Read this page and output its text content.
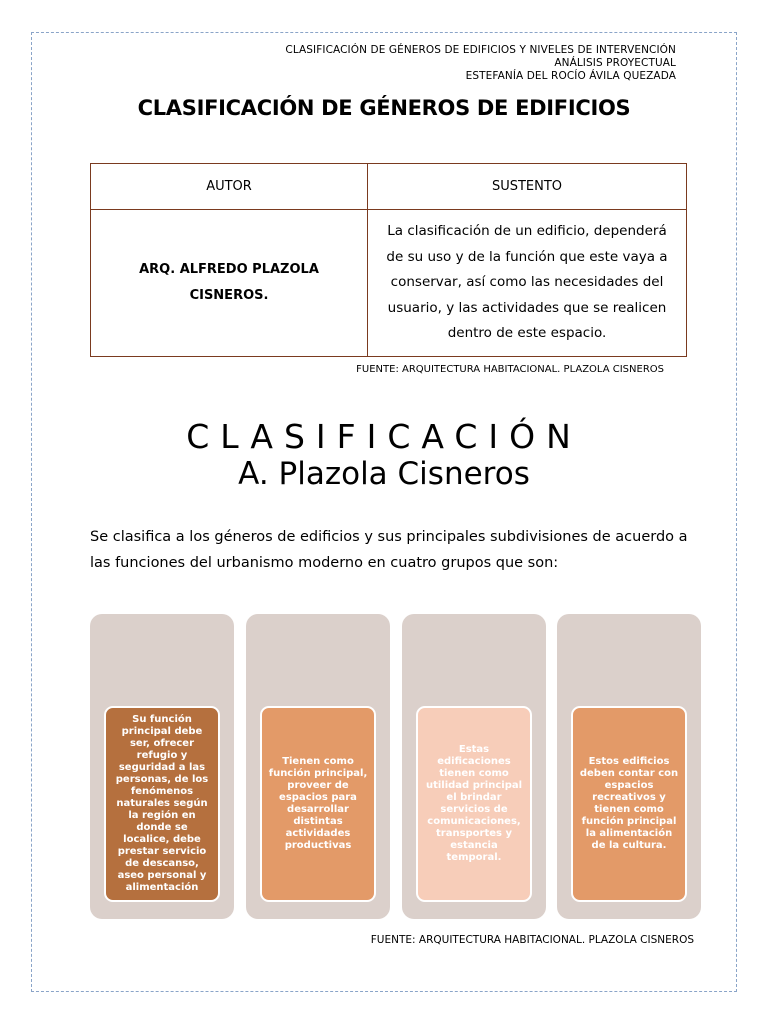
CLASIFICACIÓN DE GÉNEROS DE EDIFICIOS Y NIVELES DE INTERVENCIÓN
ANÁLISIS PROYECTUAL
ESTEFANÍA DEL ROCÍO ÁVILA QUEZADA
CLASIFICACIÓN DE GÉNEROS DE EDIFICIOS
AUTOR	SUSTENTO
ARQ. ALFREDO PLAZOLA CISNEROS.	La clasificación de un edificio, dependerá de su uso y de la función que este vaya a conservar, así como las necesidades del usuario, y las actividades que se realicen dentro de este espacio.
FUENTE: ARQUITECTURA HABITACIONAL. PLAZOLA CISNEROS
CLASIFICACIÓN
A. Plazola Cisneros
Se clasifica a los géneros de edificios y sus principales subdivisiones de acuerdo a las funciones del urbanismo moderno en cuatro grupos que son:
Su función principal debe ser, ofrecer refugio y seguridad a las personas, de los fenómenos naturales según la región en donde se localice, debe prestar servicio de descanso, aseo personal y alimentación
Tienen como función principal, proveer de espacios para desarrollar distintas actividades productivas
Estas edificaciones tienen como utilidad principal el brindar servicios de comunicaciones, transportes y estancia temporal.
Estos edificios deben contar con espacios recreativos y tienen como función principal la alimentación de la cultura.
FUENTE: ARQUITECTURA HABITACIONAL. PLAZOLA CISNEROS
